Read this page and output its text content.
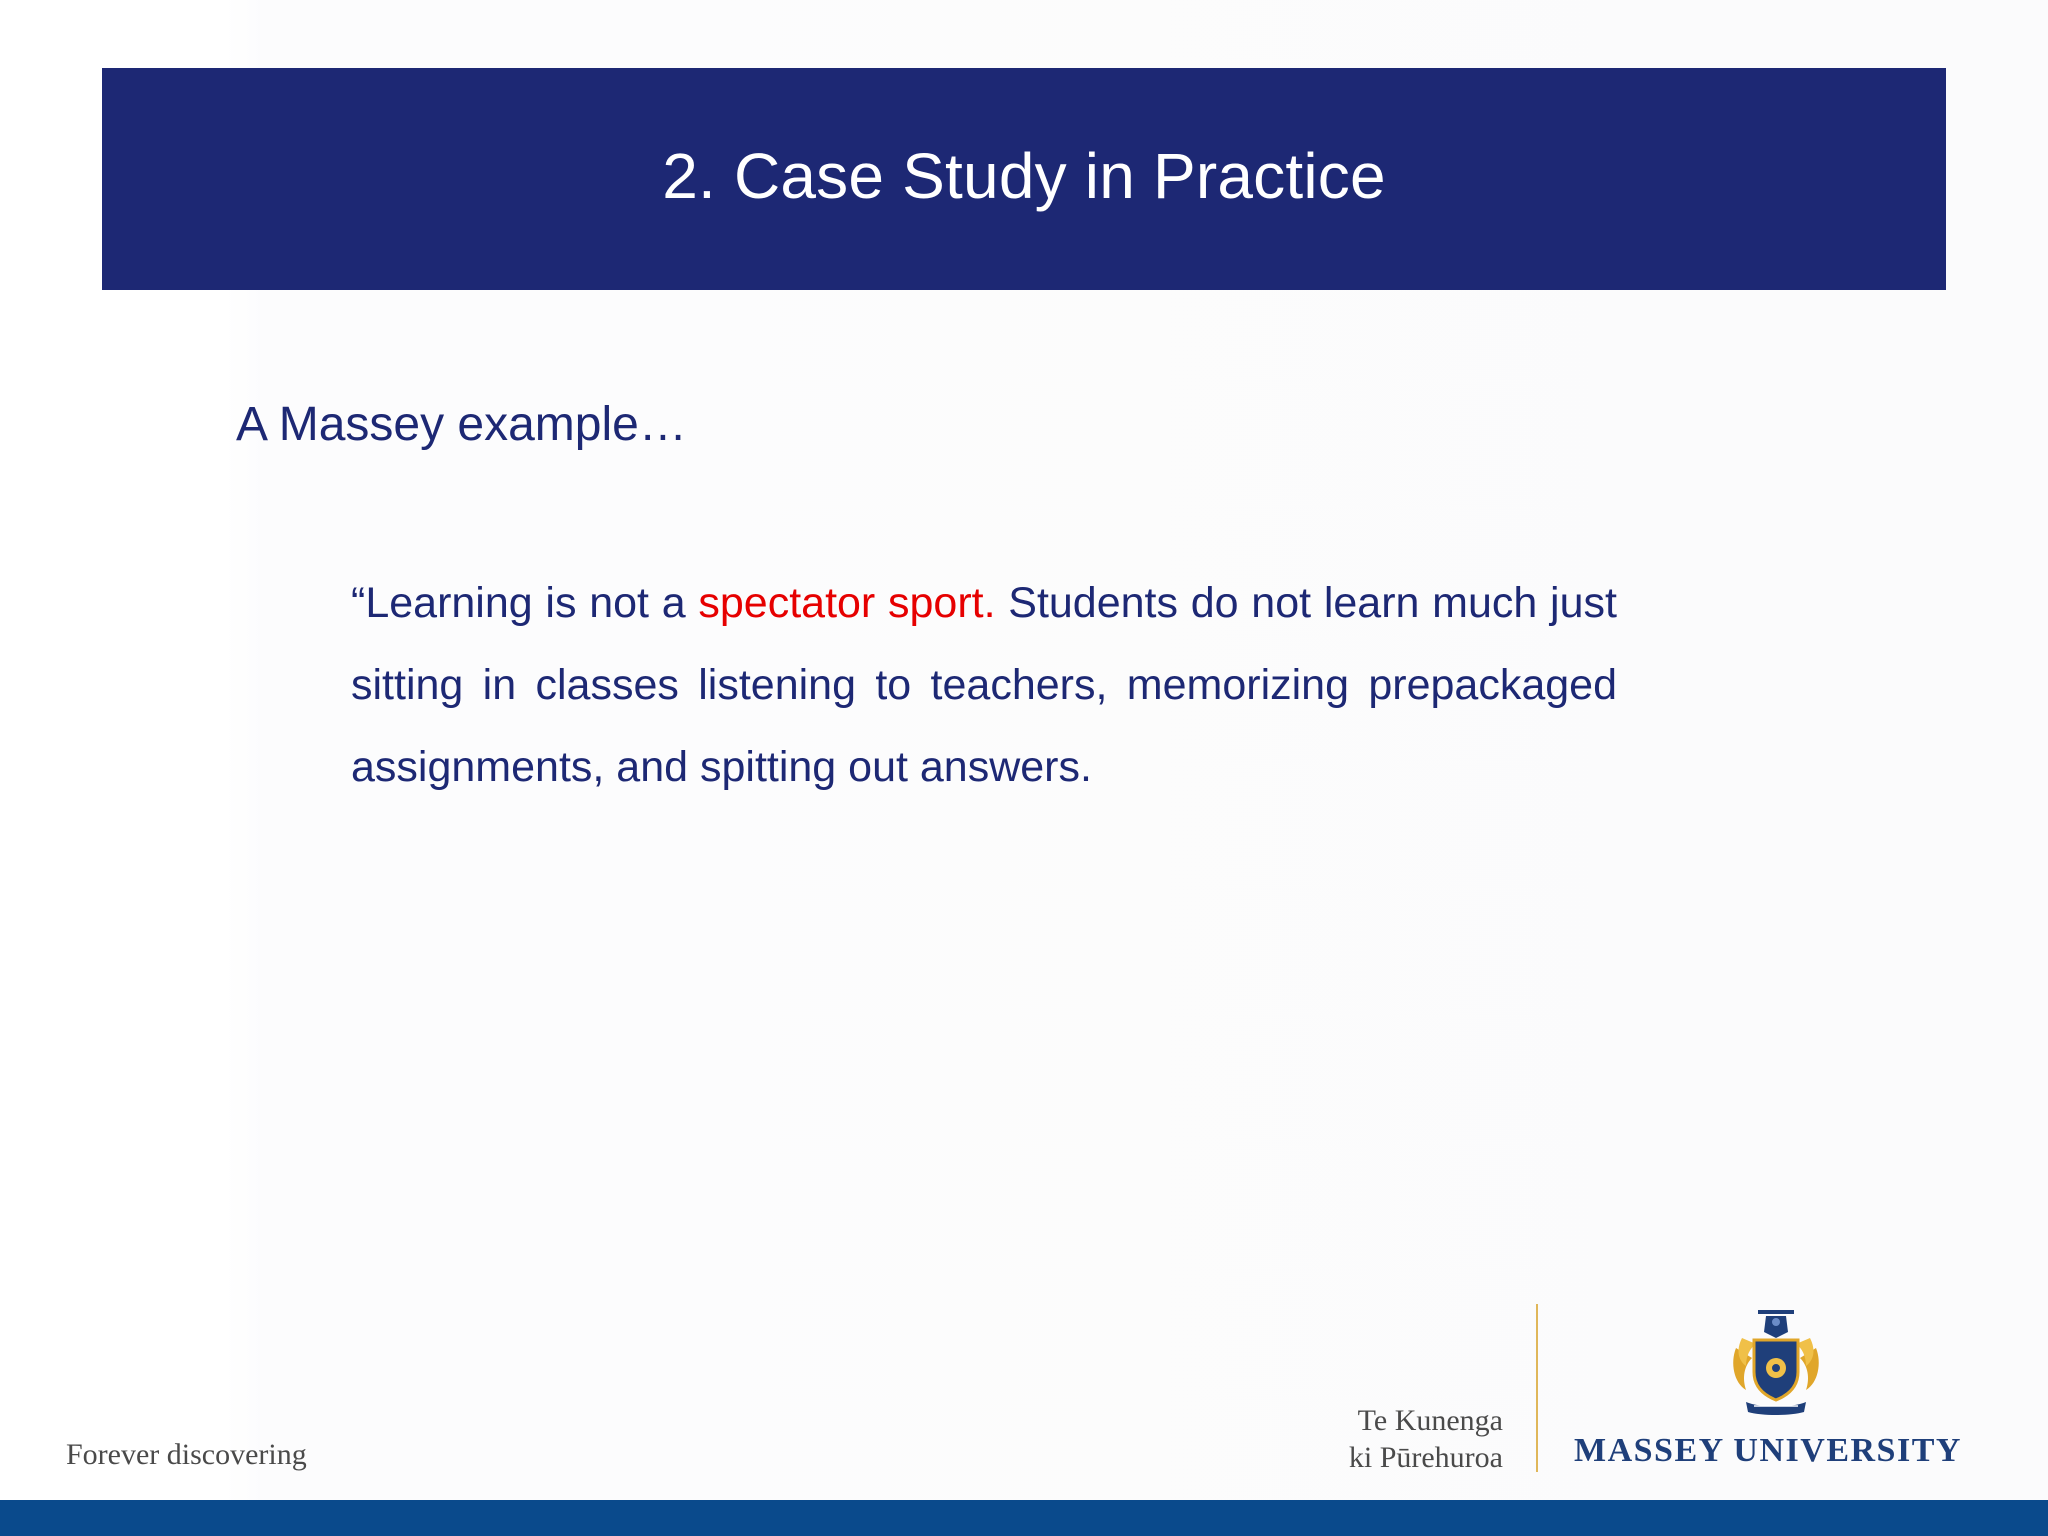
2. Case Study in Practice
A Massey example…
“Learning is not a spectator sport. Students do not learn much just sitting in classes listening to teachers, memorizing prepackaged assignments, and spitting out answers.
Forever discovering
Te Kunenga
ki Pūrehuroa MASSEY UNIVERSITY
